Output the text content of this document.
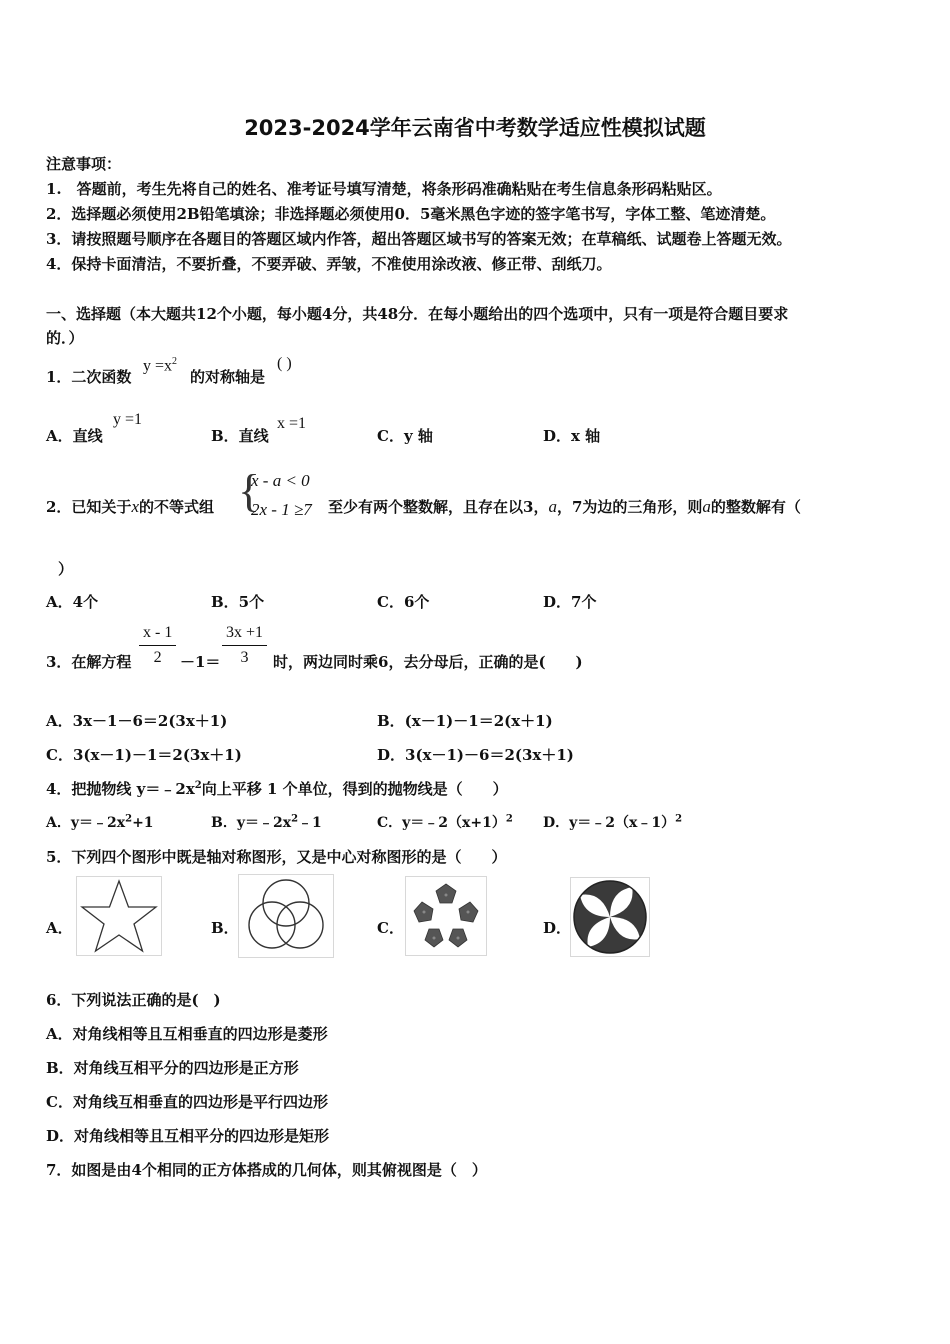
2023-2024学年云南省中考数学适应性模拟试题
注意事项：
1.　答题前，考生先将自己的姓名、准考证号填写清楚，将条形码准确粘贴在考生信息条形码粘贴区。
2．选择题必须使用2B铅笔填涂；非选择题必须使用0．5毫米黑色字迹的签字笔书写，字体工整、笔迹清楚。
3．请按照题号顺序在各题目的答题区域内作答，超出答题区域书写的答案无效；在草稿纸、试题卷上答题无效。
4．保持卡面清洁，不要折叠，不要弄破、弄皱，不准使用涂改液、修正带、刮纸刀。
一、选择题（本大题共12个小题，每小题4分，共48分．在每小题给出的四个选项中，只有一项是符合题目要求
的．）
1．二次函数
$y =x^2$
的对称轴是
( )
A．直线
y =1
B．直线
x =1
C．y 轴	D．x 轴
2．已知关于x的不等式组 {
x - a < 0
2x - 1 ≥7 至少有两个整数解，且存在以3，a，7为边的三角形，则a的整数解有（
）
A．4个	B．5个	C．6个	D．7个
3．在解方程 $\frac{x - 1}{2} -1= \frac{3x +1}{3}$ 时，两边同时乘6，去分母后，正确的是(　　)
A．3x－1－6＝2(3x＋1)	B．(x－1)－1＝2(x＋1)
C．3(x－1)－1＝2(3x＋1)	D．3(x－1)－6＝2(3x＋1)
4．把抛物线 $y=﹣2x^2$向上平移 1 个单位，得到的抛物线是（　　）
A．$y=﹣2x^2+1$	B．$y=﹣2x^2﹣1$	C．$y=﹣2(x+1)^2$ D．y＝﹣2（x﹣1）$^2$
5．下列四个图形中既是轴对称图形，又是中心对称图形的是（　　）
A．	B．	C．	D．
6．下列说法正确的是(　)
A．对角线相等且互相垂直的四边形是菱形
B．对角线互相平分的四边形是正方形
C．对角线互相垂直的四边形是平行四边形
D．对角线相等且互相平分的四边形是矩形
7．如图是由4个相同的正方体搭成的几何体，则其俯视图是（　）
